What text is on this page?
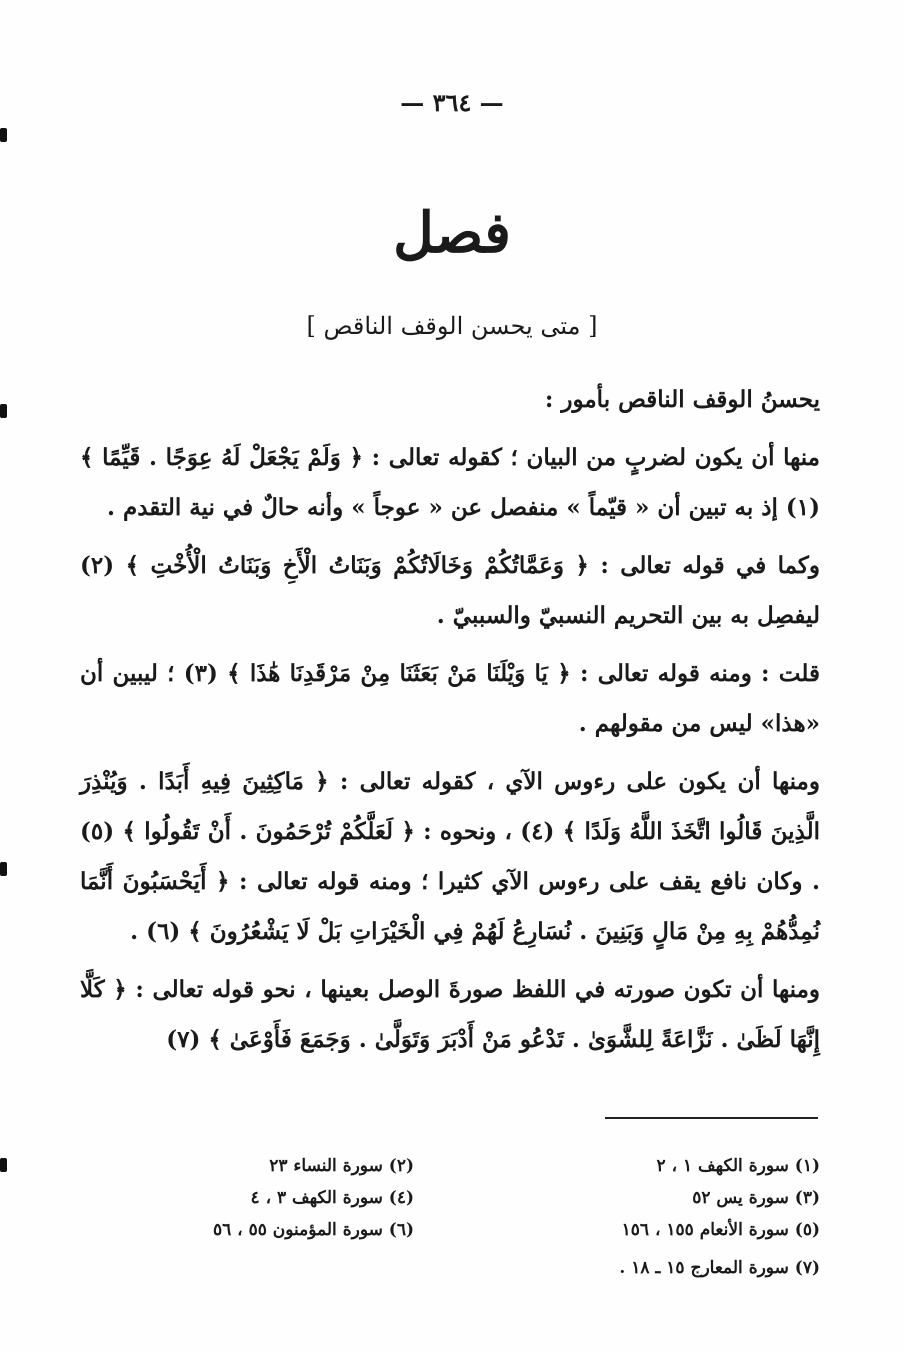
— ٣٦٤ —
فصل
[ متى يحسن الوقف الناقص ]

يحسنُ الوقف الناقص بأمور :

منها أن يكون لضربٍ من البيان ؛ كقوله تعالى : ﴿ وَلَمْ يَجْعَلْ لَهُ عِوَجًا . قَيِّمًا ﴾ (١) إذ به تبين أن « قيّماً » منفصل عن « عوجاً » وأنه حالٌ في نية التقدم .

وكما في قوله تعالى : ﴿ وَعَمَّاتُكُمْ وَخَالَاتُكُمْ وَبَنَاتُ الْأَخِ وَبَنَاتُ الْأُخْتِ ﴾ (٢) ليفصِل به بين التحريم النسبيّ والسببيّ .

قلت : ومنه قوله تعالى : ﴿ يَا وَيْلَنَا مَنْ بَعَثَنَا مِنْ مَرْقَدِنَا هَٰذَا ﴾ (٣) ؛ ليبين أن «هذا» ليس من مقولهم .

ومنها أن يكون على رءوس الآي ، كقوله تعالى : ﴿ مَاكِثِينَ فِيهِ أَبَدًا . وَيُنْذِرَ الَّذِينَ قَالُوا اتَّخَذَ اللَّهُ وَلَدًا ﴾ (٤) ، ونحوه : ﴿ لَعَلَّكُمْ تُرْحَمُونَ . أَنْ تَقُولُوا ﴾ (٥) . وكان نافع يقف على رءوس الآي كثيرا ؛ ومنه قوله تعالى : ﴿ أَيَحْسَبُونَ أَنَّمَا نُمِدُّهُمْ بِهِ مِنْ مَالٍ وَبَنِينَ . نُسَارِعُ لَهُمْ فِي الْخَيْرَاتِ بَلْ لَا يَشْعُرُونَ ﴾ (٦) .

ومنها أن تكون صورته في اللفظ صورةَ الوصل بعينها ، نحو قوله تعالى : ﴿ كَلَّا إِنَّهَا لَظَىٰ . نَزَّاعَةً لِلشَّوَىٰ . تَدْعُو مَنْ أَدْبَرَ وَتَوَلَّىٰ . وَجَمَعَ فَأَوْعَىٰ ﴾ (٧)

(١) سورة الكهف ١ ، ٢
(٢) سورة النساء ٢٣
(٣) سورة يس ٥٢
(٤) سورة الكهف ٣ ، ٤
(٥) سورة الأنعام ١٥٥ ، ١٥٦
(٦) سورة المؤمنون ٥٥ ، ٥٦
(٧) سورة المعارج ١٥ ـ ١٨ .
